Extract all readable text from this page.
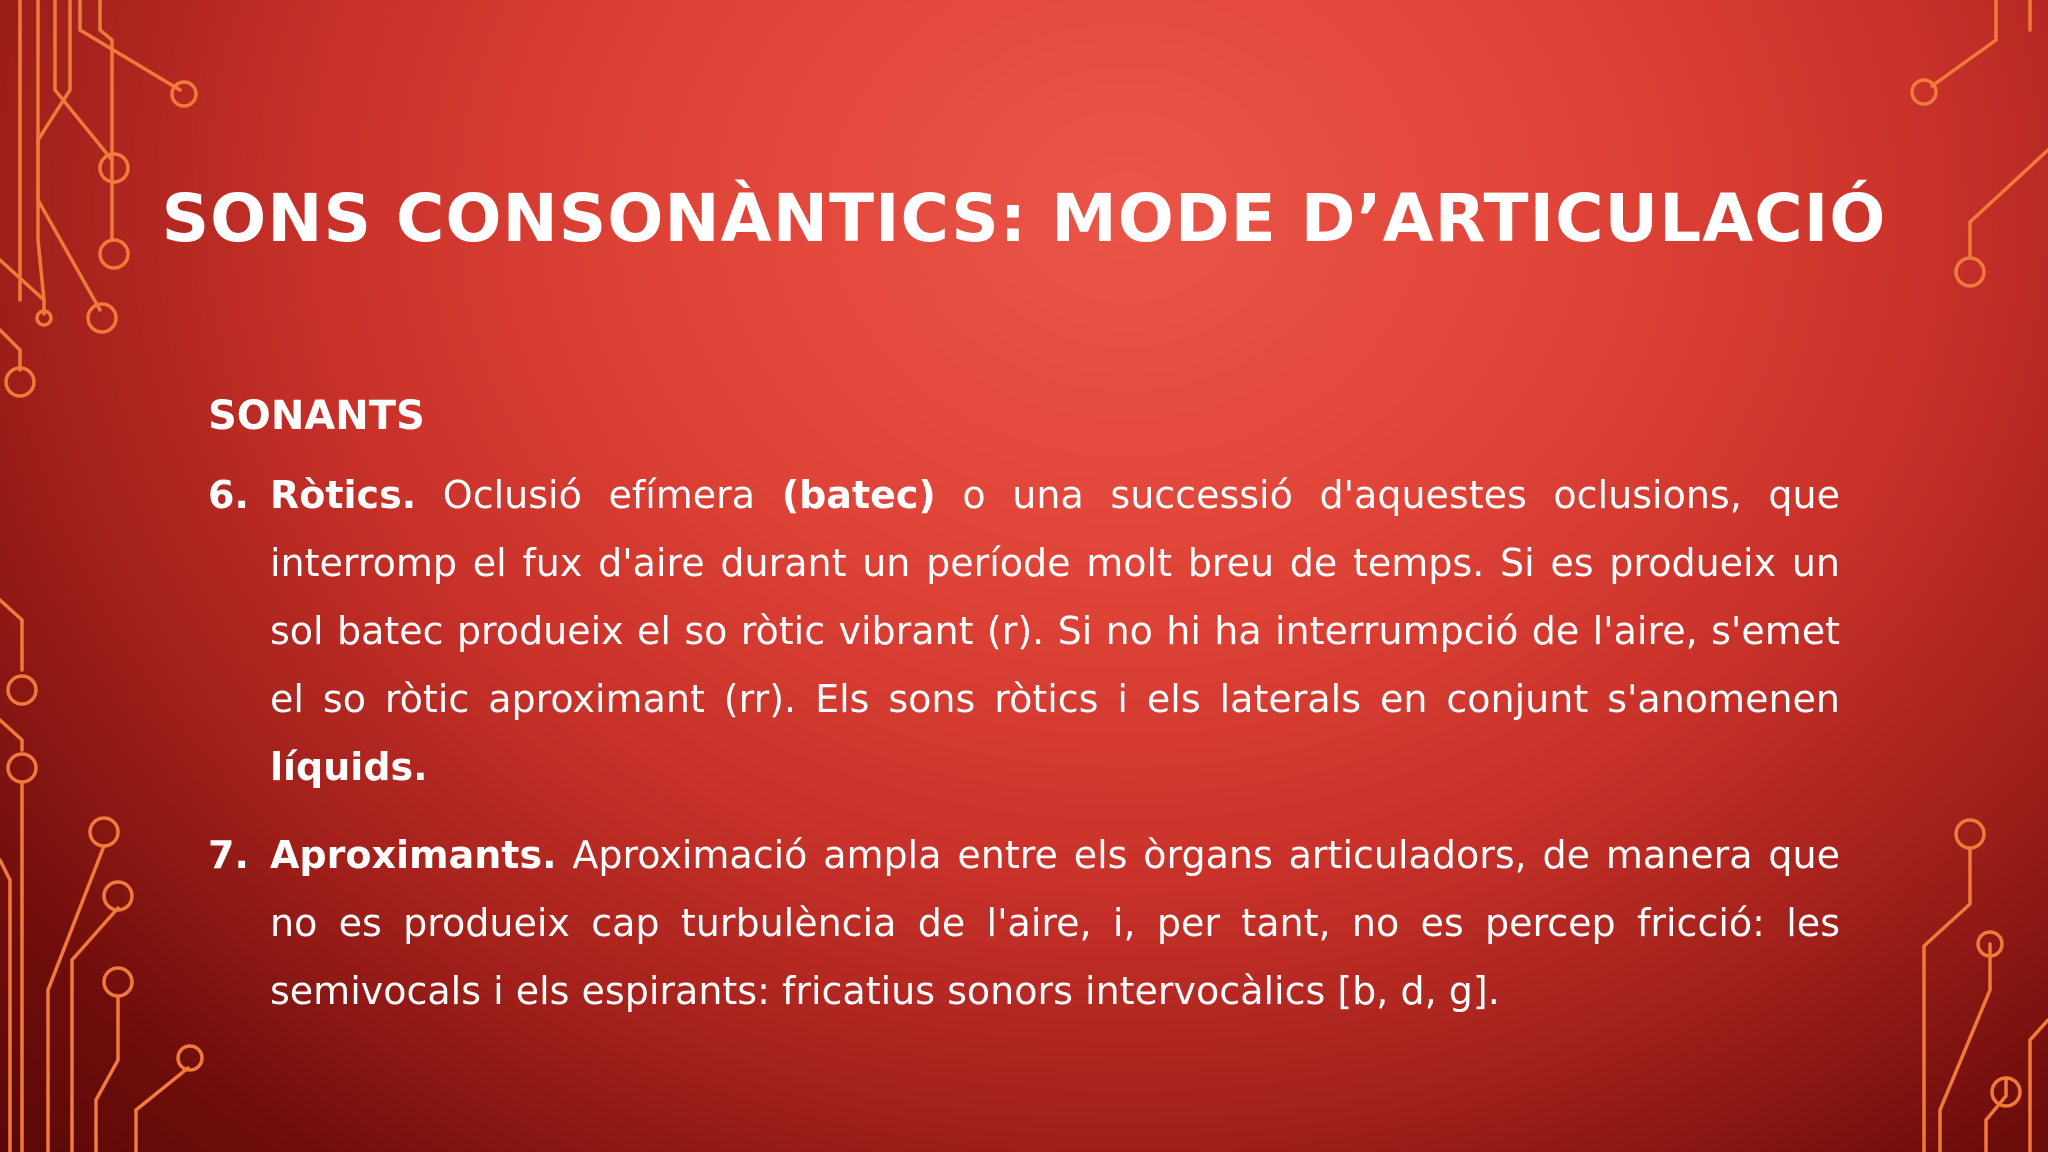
SONS CONSONÀNTICS: MODE D’ARTICULACIÓ
SONANTS
6. Ròtics. Oclusió efímera (batec) o una successió d'aquestes oclusions, que interromp el fux d'aire durant un període molt breu de temps. Si es produeix un sol batec produeix el so ròtic vibrant (r). Si no hi ha interrumpció de l'aire, s'emet el so ròtic aproximant (rr). Els sons ròtics i els laterals en conjunt s'anomenen líquids.
7. Aproximants. Aproximació ampla entre els òrgans articuladors, de manera que no es produeix cap turbulència de l'aire, i, per tant, no es percep fricció: les semivocals i els espirants: fricatius sonors intervocàlics [b, d, g].
